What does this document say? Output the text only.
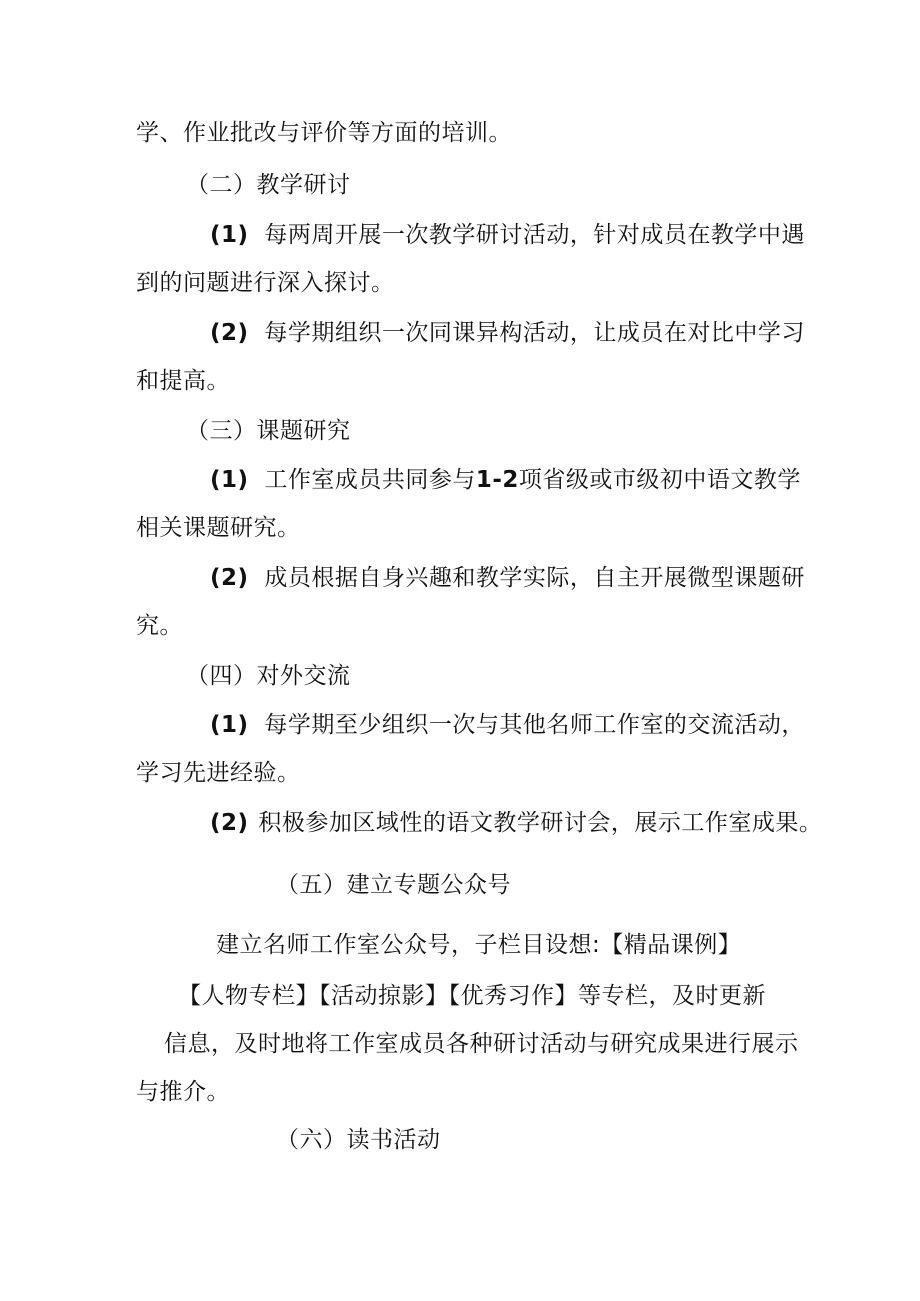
学、作业批改与评价等方面的培训。
（二）教学研讨
(1) 每两周开展一次教学研讨活动，针对成员在教学中遇
到的问题进行深入探讨。
(2) 每学期组织一次同课异构活动，让成员在对比中学习
和提高。
（三）课题研究
(1) 工作室成员共同参与1-2项省级或市级初中语文教学
相关课题研究。
(2) 成员根据自身兴趣和教学实际，自主开展微型课题研
究。
（四）对外交流
(1) 每学期至少组织一次与其他名师工作室的交流活动，
学习先进经验。
(2) 积极参加区域性的语文教学研讨会，展示工作室成果。
（五）建立专题公众号
建立名师工作室公众号，子栏目设想:【精品课例】
【人物专栏】【活动掠影】【优秀习作】等专栏，及时更新
信息，及时地将工作室成员各种研讨活动与研究成果进行展示
与推介。
（六）读书活动
